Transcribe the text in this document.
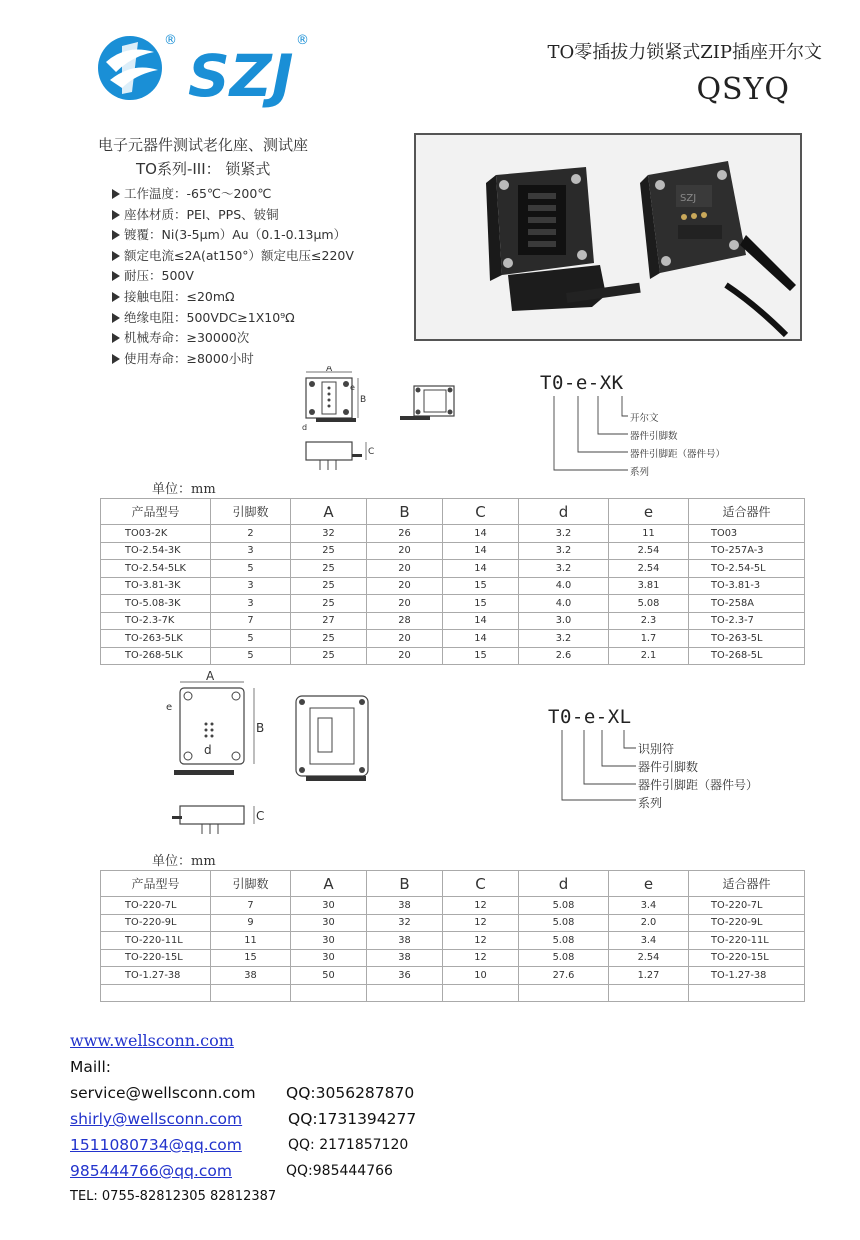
®
SZJ
®
TO零插拔力锁紧式ZIP插座开尔文
QSYQ
电子元器件测试老化座、测试座
TO系列-III： 锁紧式
工作温度：-65℃～200℃
座体材质：PEI、PPS、铍铜
镀覆：Ni(3-5μm）Au（0.1-0.13μm）
额定电流≤2A(at150°）额定电压≤220V
耐压：500V
接触电阻：≤20mΩ
绝缘电阻：500VDC≥1X10⁹Ω
机械寿命：≥30000次
使用寿命：≥8000小时
SZJ
A
B
e
d
C
T0-e-XK
开尔文
器件引脚数
器件引脚距（器件号）
系列
单位：mm
产品型号	引脚数	A	B	C	d	e	适合器件
TO03-2K	2	32	26	14	3.2	11	TO03
TO-2.54-3K	3	25	20	14	3.2	2.54	TO-257A-3
TO-2.54-5LK	5	25	20	14	3.2	2.54	TO-2.54-5L
TO-3.81-3K	3	25	20	15	4.0	3.81	TO-3.81-3
TO-5.08-3K	3	25	20	15	4.0	5.08	TO-258A
TO-2.3-7K	7	27	28	14	3.0	2.3	TO-2.3-7
TO-263-5LK	5	25	20	14	3.2	1.7	TO-263-5L
TO-268-5LK	5	25	20	15	2.6	2.1	TO-268-5L
A
B
e
d
C
T0-e-XL
识别符
器件引脚数
器件引脚距（器件号）
系列
单位：mm
产品型号	引脚数	A	B	C	d	e	适合器件
TO-220-7L	7	30	38	12	5.08	3.4	TO-220-7L
TO-220-9L	9	30	32	12	5.08	2.0	TO-220-9L
TO-220-11L	11	30	38	12	5.08	3.4	TO-220-11L
TO-220-15L	15	30	38	12	5.08	2.54	TO-220-15L
TO-1.27-38	38	50	36	10	27.6	1.27	TO-1.27-38

www.wellsconn.com
Maill:
service@wellsconn.com QQ:3056287870
shirly@wellsconn.com	QQ:1731394277
1511080734@qq.com	QQ: 2171857120
985444766@qq.com	QQ:985444766
TEL: 0755-82812305 82812387
